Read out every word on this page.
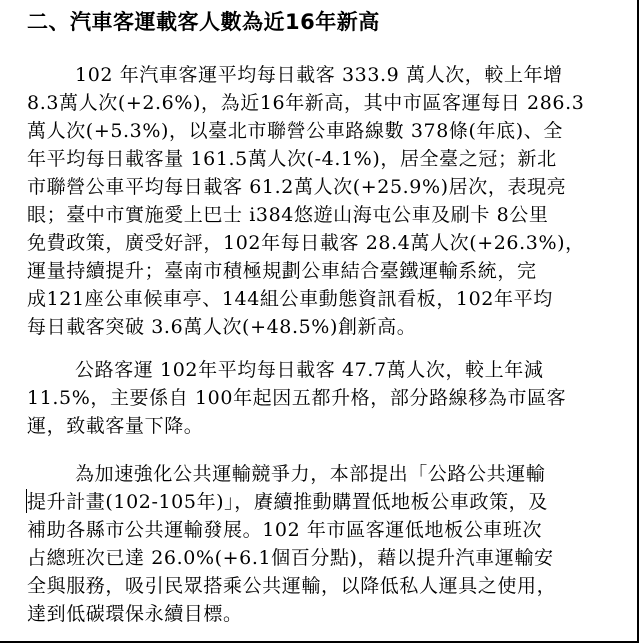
二、汽車客運載客人數為近16年新高
102 年汽車客運平均每日載客 333.9 萬人次，較上年增
8.3萬人次(+2.6%)，為近16年新高，其中市區客運每日 286.3
萬人次(+5.3%)，以臺北市聯營公車路線數 378條(年底)、全
年平均每日載客量 161.5萬人次(-4.1%)，居全臺之冠；新北
市聯營公車平均每日載客 61.2萬人次(+25.9%)居次，表現亮
眼；臺中市實施愛上巴士 i384悠遊山海屯公車及刷卡 8公里
免費政策，廣受好評，102年每日載客 28.4萬人次(+26.3%)，
運量持續提升；臺南市積極規劃公車結合臺鐵運輸系統，完
成121座公車候車亭、144組公車動態資訊看板，102年平均
每日載客突破 3.6萬人次(+48.5%)創新高。
公路客運 102年平均每日載客 47.7萬人次，較上年減
11.5%，主要係自 100年起因五都升格，部分路線移為市區客
運，致載客量下降。
為加速強化公共運輸競爭力，本部提出「公路公共運輸
提升計畫(102-105年)」，賡續推動購置低地板公車政策，及
補助各縣市公共運輸發展。102 年市區客運低地板公車班次
占總班次已達 26.0%(+6.1個百分點)，藉以提升汽車運輸安
全與服務，吸引民眾搭乘公共運輸，以降低私人運具之使用，
達到低碳環保永續目標。
